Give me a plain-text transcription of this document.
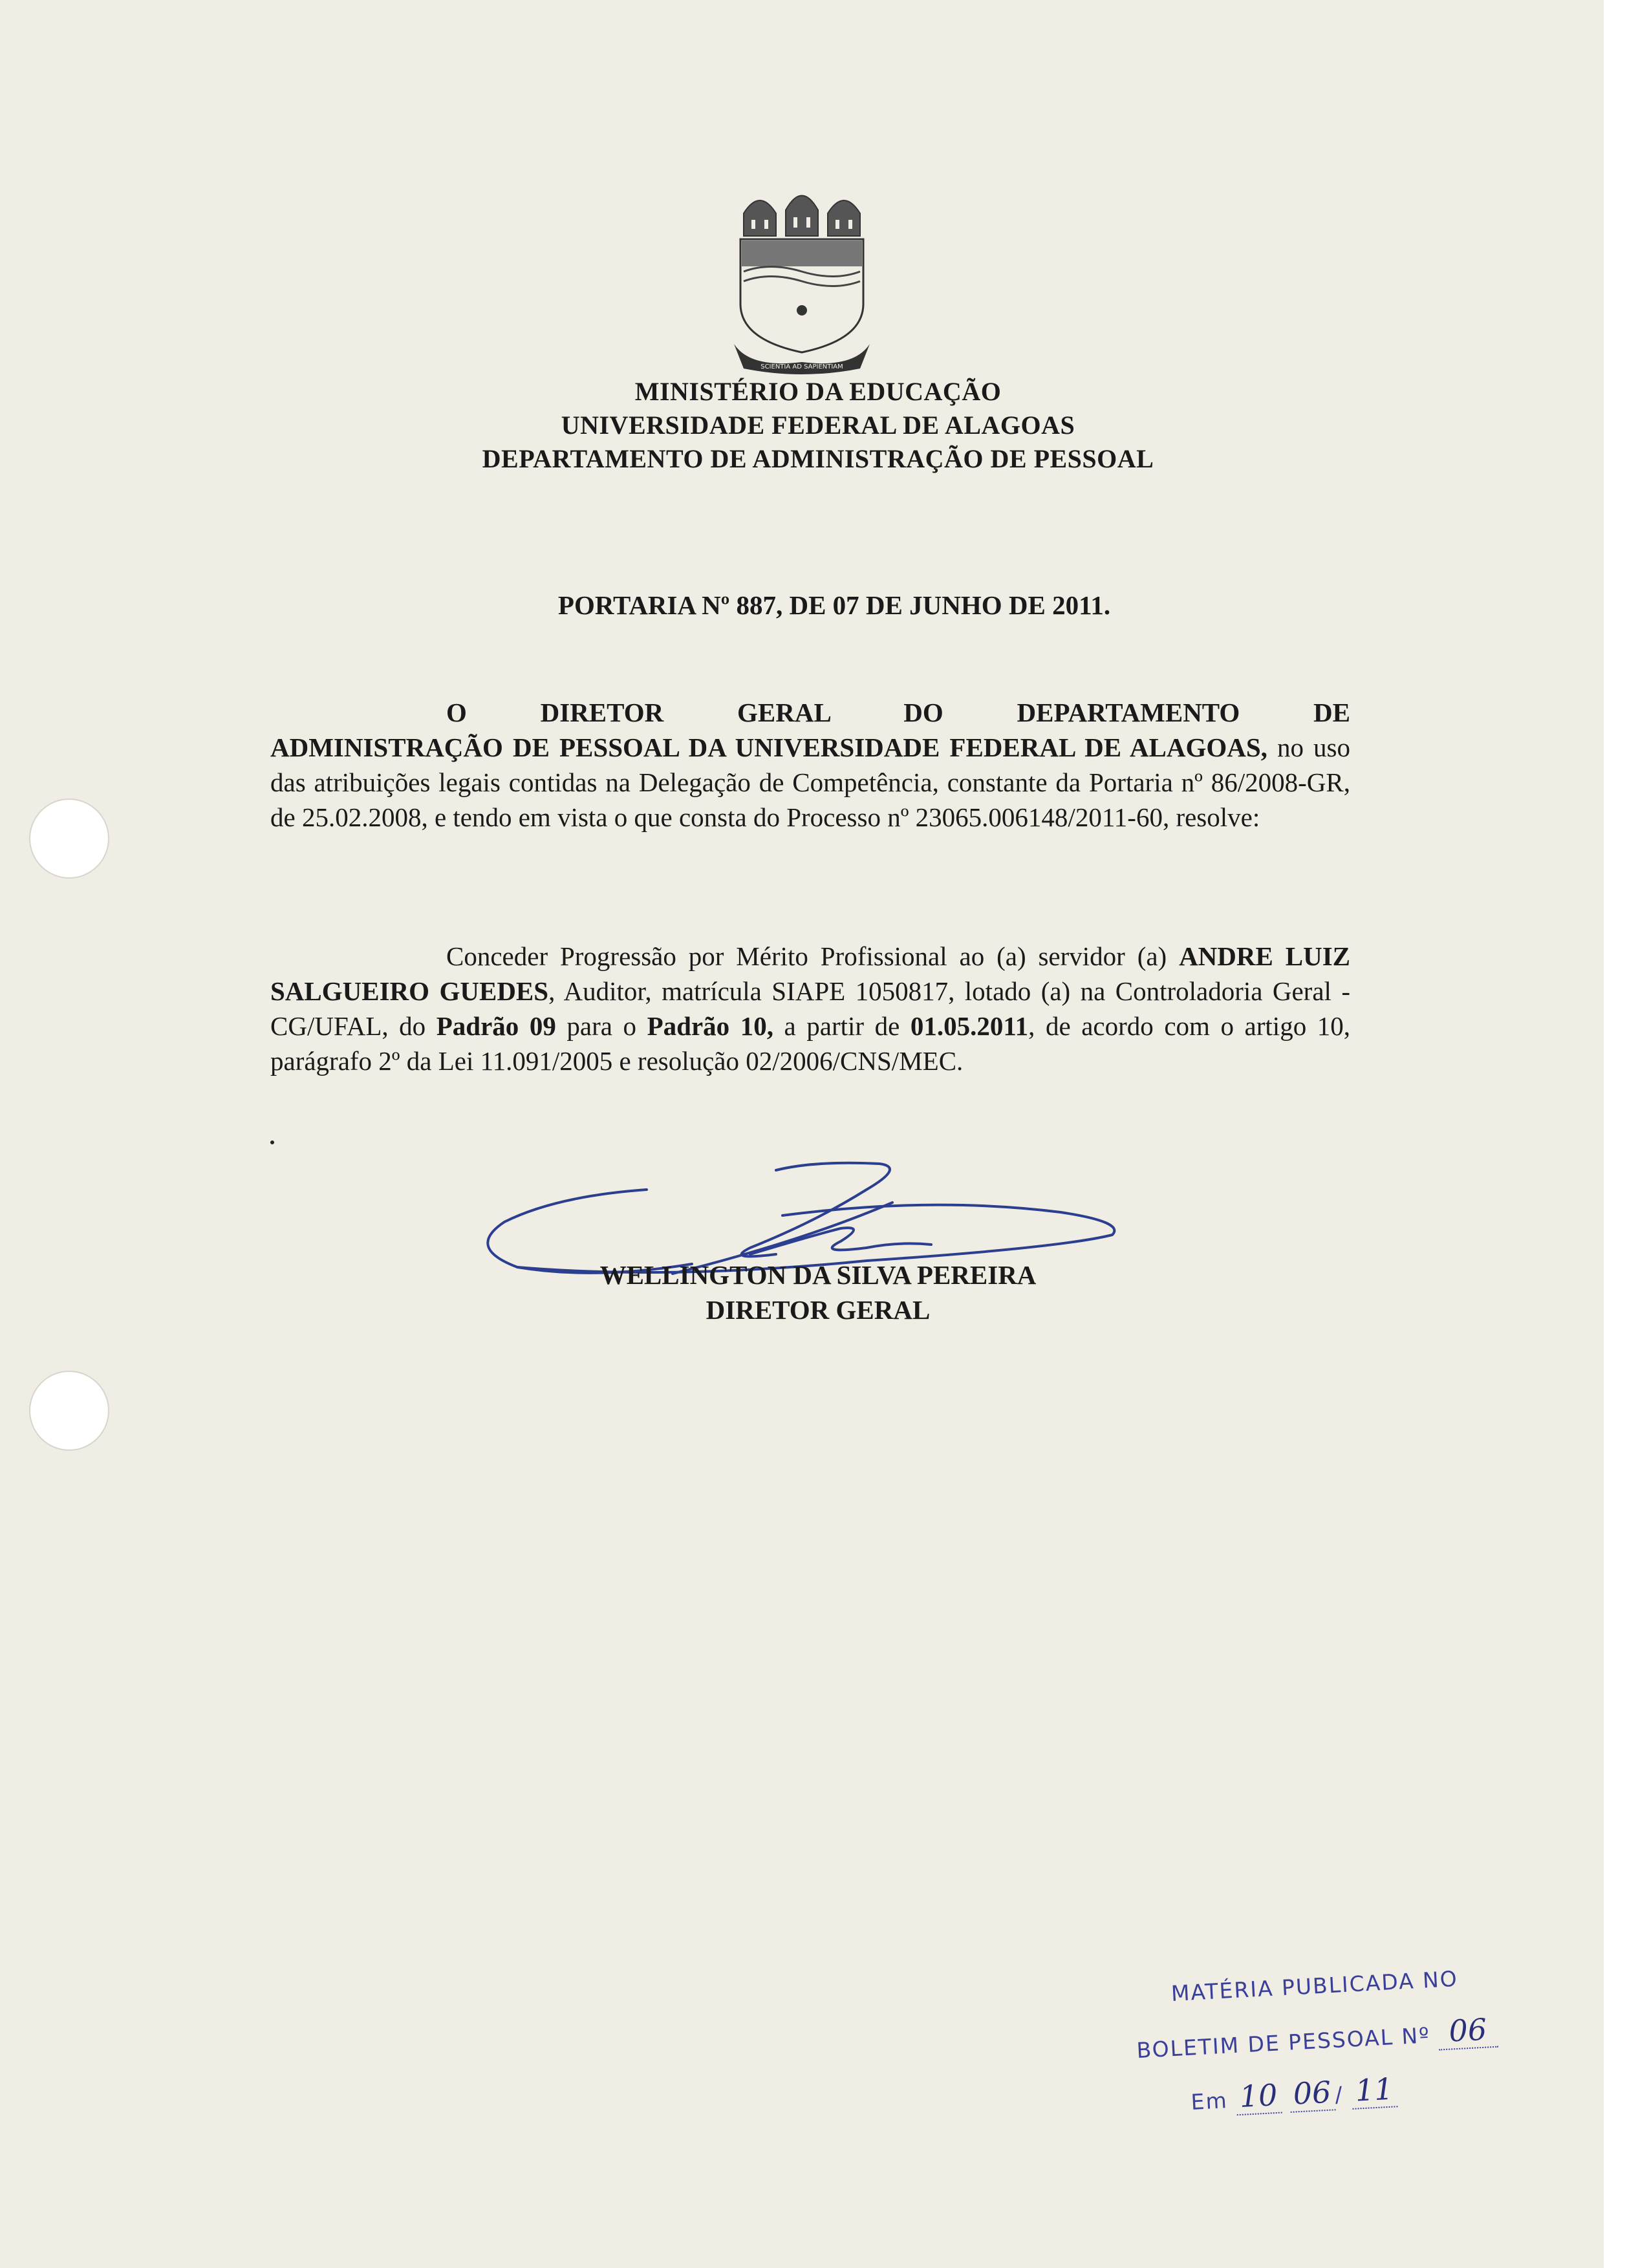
SCIENTIA AD SAPIENTIAM
MINISTÉRIO DA EDUCAÇÃO
UNIVERSIDADE FEDERAL DE ALAGOAS
DEPARTAMENTO DE ADMINISTRAÇÃO DE PESSOAL
PORTARIA Nº 887, DE 07 DE JUNHO DE 2011.
O DIRETOR GERAL DO DEPARTAMENTO DE ADMINISTRAÇÃO DE PESSOAL DA UNIVERSIDADE FEDERAL DE ALAGOAS, no uso das atribuições legais contidas na Delegação de Competência, constante da Portaria nº 86/2008-GR, de 25.02.2008, e tendo em vista o que consta do Processo nº 23065.006148/2011-60, resolve:
Conceder Progressão por Mérito Profissional ao (a) servidor (a) ANDRE LUIZ SALGUEIRO GUEDES, Auditor, matrícula SIAPE 1050817, lotado (a) na Controladoria Geral - CG/UFAL, do Padrão 09 para o Padrão 10, a partir de 01.05.2011, de acordo com o artigo 10, parágrafo 2º da Lei 11.091/2005 e resolução 02/2006/CNS/MEC.
WELLINGTON DA SILVA PEREIRA
DIRETOR GERAL
MATÉRIA PUBLICADA NO
BOLETIM DE PESSOAL Nº 06
Em 10 06 / 11
